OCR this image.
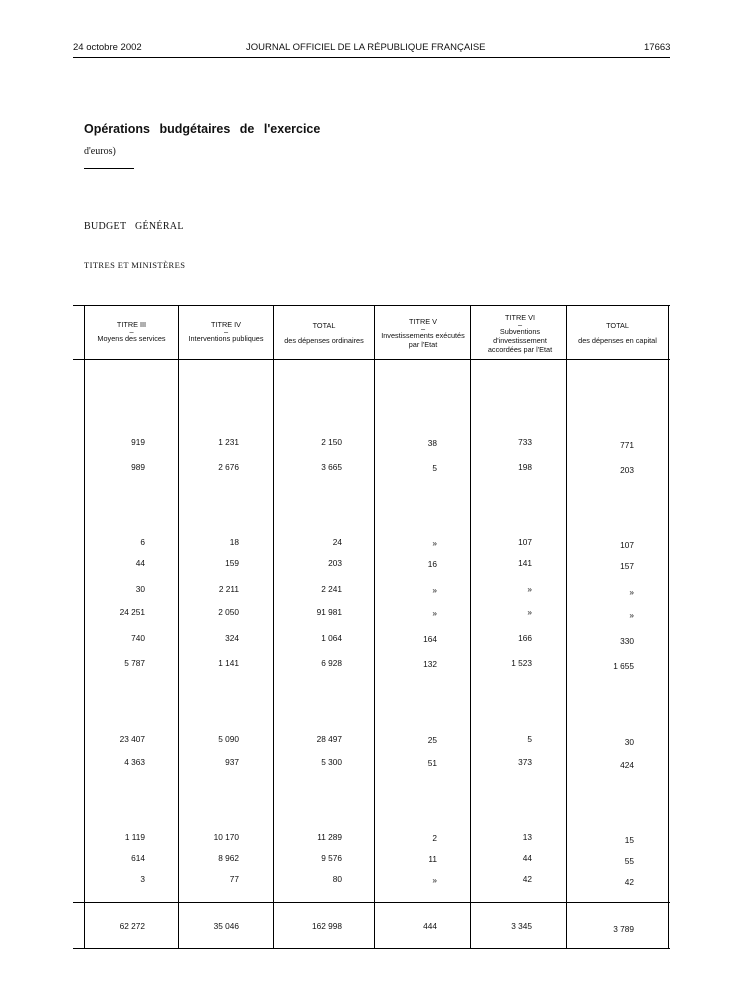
24 octobre 2002	JOURNAL OFFICIEL DE LA RÉPUBLIQUE FRANÇAISE	17663
Opérations budgétaires de l'exercice
d'euros)
BUDGET GÉNÉRAL
TITRES ET MINISTÈRES
TITRE III
–
Moyens des services
TITRE IV
–
Interventions publiques
TOTAL
des dépenses ordinaires
TITRE V
–
Investissements exécutés par l'Etat
TITRE VI
–
Subventions d'investissement accordées par l'Etat
TOTAL
des dépenses en capital
919	1 231	2 150	38	733	771
989	2 676	3 665	5	198	203
6	18	24	»	107	107
44	159	203	16	141	157
30	2 211	2 241	»	»	»
24 251	2 050	91 981	»	»	»
740	324	1 064	164	166	330
5 787	1 141	6 928	132	1 523	1 655
23 407	5 090	28 497	25	5	30
4 363	937	5 300	51	373	424
1 119	10 170	11 289	2	13	15
614	8 962	9 576	11	44	55
3	77	80	»	42	42
62 272	35 046	162 998	444	3 345	3 789
